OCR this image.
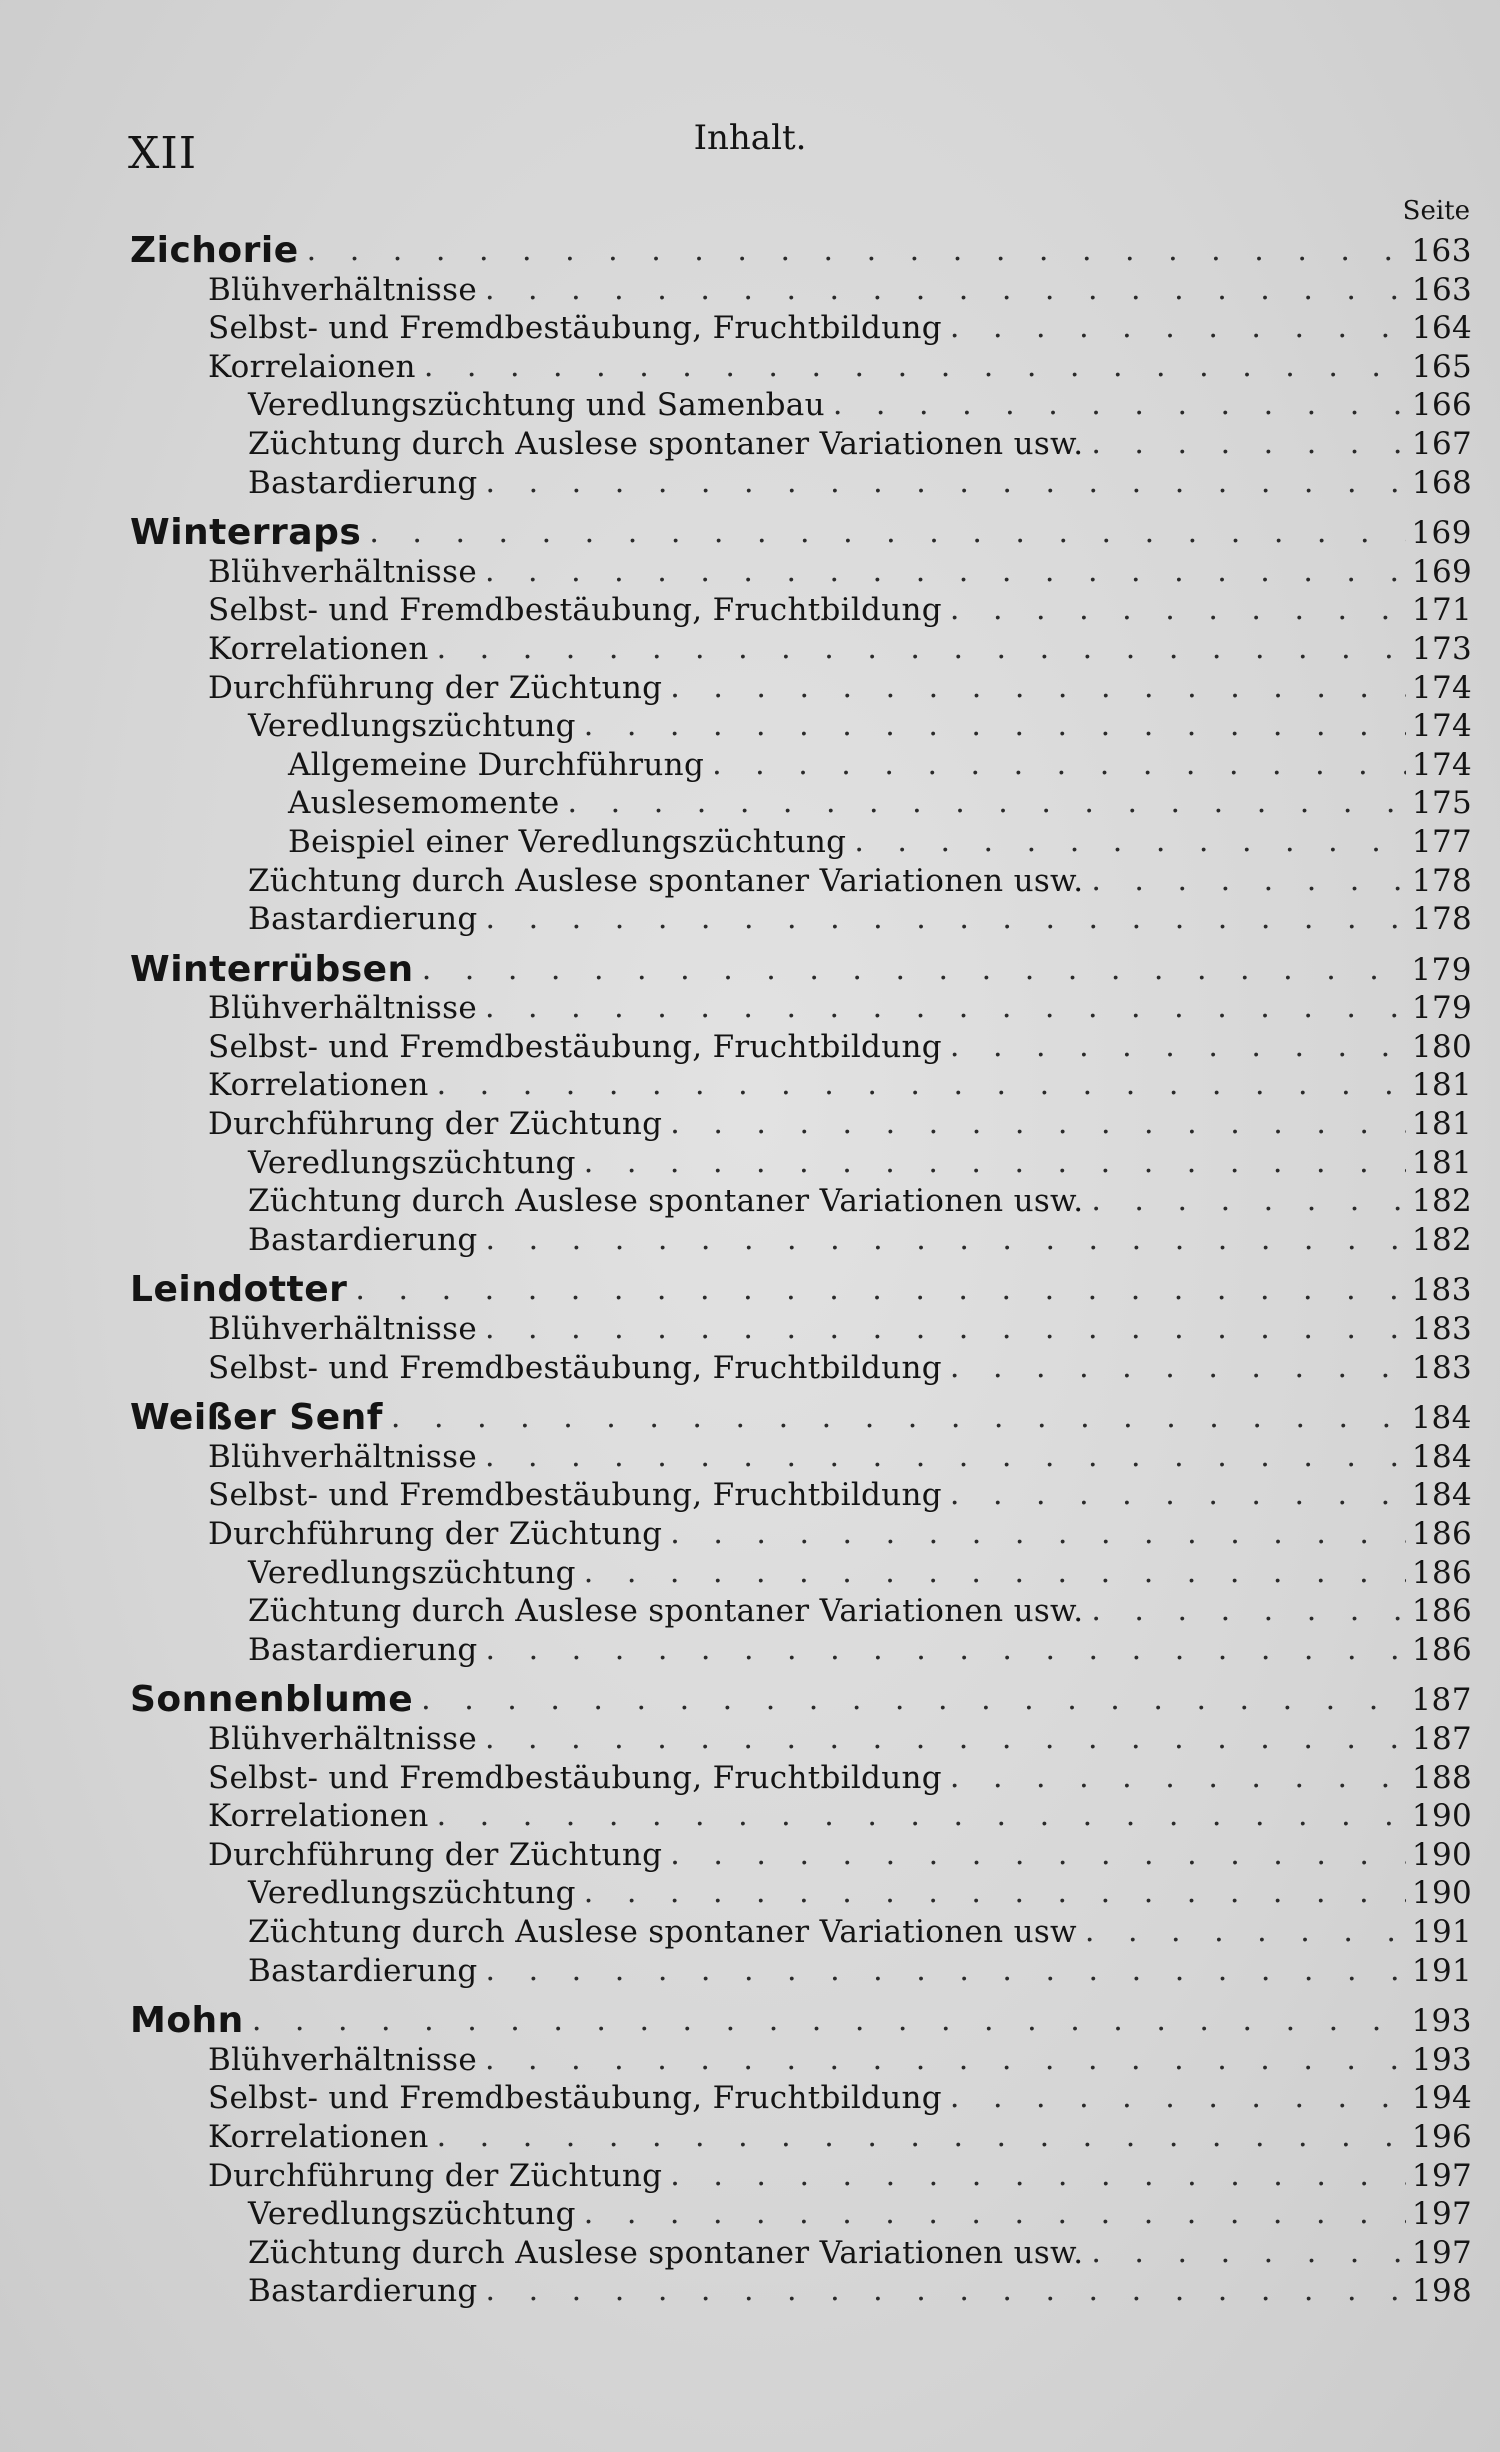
XII	Inhalt.
Seite
Zichorie . . .	163
Blühverhältnisse . . .	163
Selbst- und Fremdbestäubung, Fruchtbildung . . .	164
Korrelaionen . . .	165
Veredlungszüchtung und Samenbau . . .	166
Züchtung durch Auslese spontaner Variationen usw. . . .	167
Bastardierung . . .	168
Winterraps . . .	169
Blühverhältnisse . . .	169
Selbst- und Fremdbestäubung, Fruchtbildung . . .	171
Korrelationen . . .	173
Durchführung der Züchtung . . .	174
Veredlungszüchtung . . .	174
Allgemeine Durchführung . . .	174
Auslesemomente . . .	175
Beispiel einer Veredlungszüchtung . . .	177
Züchtung durch Auslese spontaner Variationen usw. . . .	178
Bastardierung . . .	178
Winterrübsen . . .	179
Blühverhältnisse . . .	179
Selbst- und Fremdbestäubung, Fruchtbildung . . .	180
Korrelationen . . .	181
Durchführung der Züchtung . . .	181
Veredlungszüchtung . . .	181
Züchtung durch Auslese spontaner Variationen usw. . . .	182
Bastardierung . . .	182
Leindotter . . .	183
Blühverhältnisse . . .	183
Selbst- und Fremdbestäubung, Fruchtbildung . . .	183
Weißer Senf . . .	184
Blühverhältnisse . . .	184
Selbst- und Fremdbestäubung, Fruchtbildung . . .	184
Durchführung der Züchtung . . .	186
Veredlungszüchtung . . .	186
Züchtung durch Auslese spontaner Variationen usw. . . .	186
Bastardierung . . .	186
Sonnenblume . . .	187
Blühverhältnisse . . .	187
Selbst- und Fremdbestäubung, Fruchtbildung . . .	188
Korrelationen . . .	190
Durchführung der Züchtung . . .	190
Veredlungszüchtung . . .	190
Züchtung durch Auslese spontaner Variationen usw . . .	191
Bastardierung . . .	191
Mohn . . .	193
Blühverhältnisse . . .	193
Selbst- und Fremdbestäubung, Fruchtbildung . . .	194
Korrelationen . . .	196
Durchführung der Züchtung . . .	197
Veredlungszüchtung . . .	197
Züchtung durch Auslese spontaner Variationen usw. . . .	197
Bastardierung . . .	198
